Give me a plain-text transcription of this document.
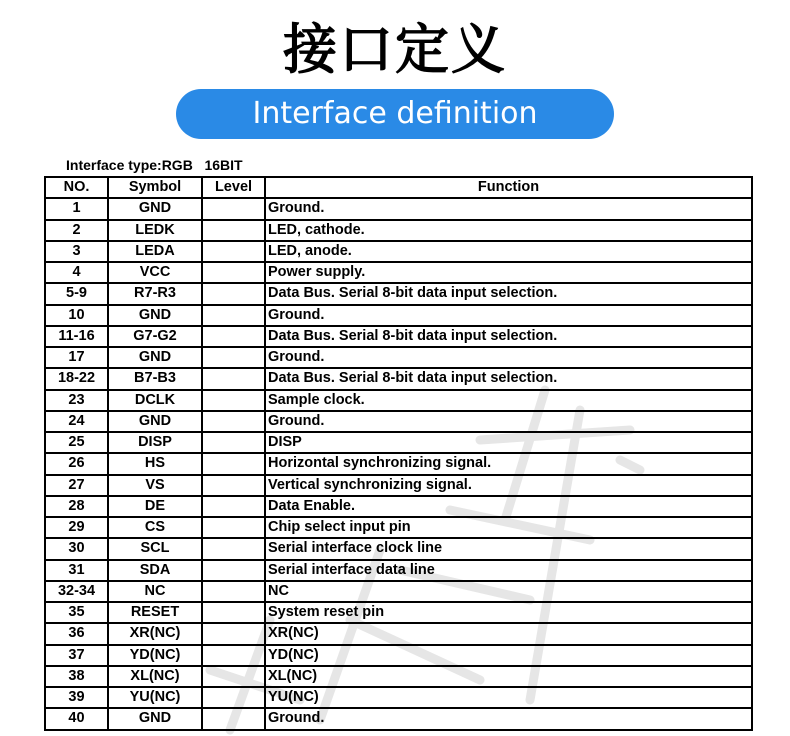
接口定义
Interface definition
Interface type:RGB   16BIT
NO.	Symbol	Level	Function
1	GND		Ground.
2	LEDK		LED, cathode.
3	LEDA		LED, anode.
4	VCC		Power supply.
5-9	R7-R3		Data Bus. Serial 8-bit data input selection.
10	GND		Ground.
11-16	G7-G2		Data Bus. Serial 8-bit data input selection.
17	GND		Ground.
18-22	B7-B3		Data Bus. Serial 8-bit data input selection.
23	DCLK		Sample clock.
24	GND		Ground.
25	DISP		DISP
26	HS		Horizontal synchronizing signal.
27	VS		Vertical synchronizing signal.
28	DE		Data Enable.
29	CS		Chip select input pin
30	SCL		Serial interface clock line
31	SDA		Serial interface data line
32-34	NC		NC
35	RESET		System reset pin
36	XR(NC)		XR(NC)
37	YD(NC)		YD(NC)
38	XL(NC)		XL(NC)
39	YU(NC)		YU(NC)
40	GND		Ground.
